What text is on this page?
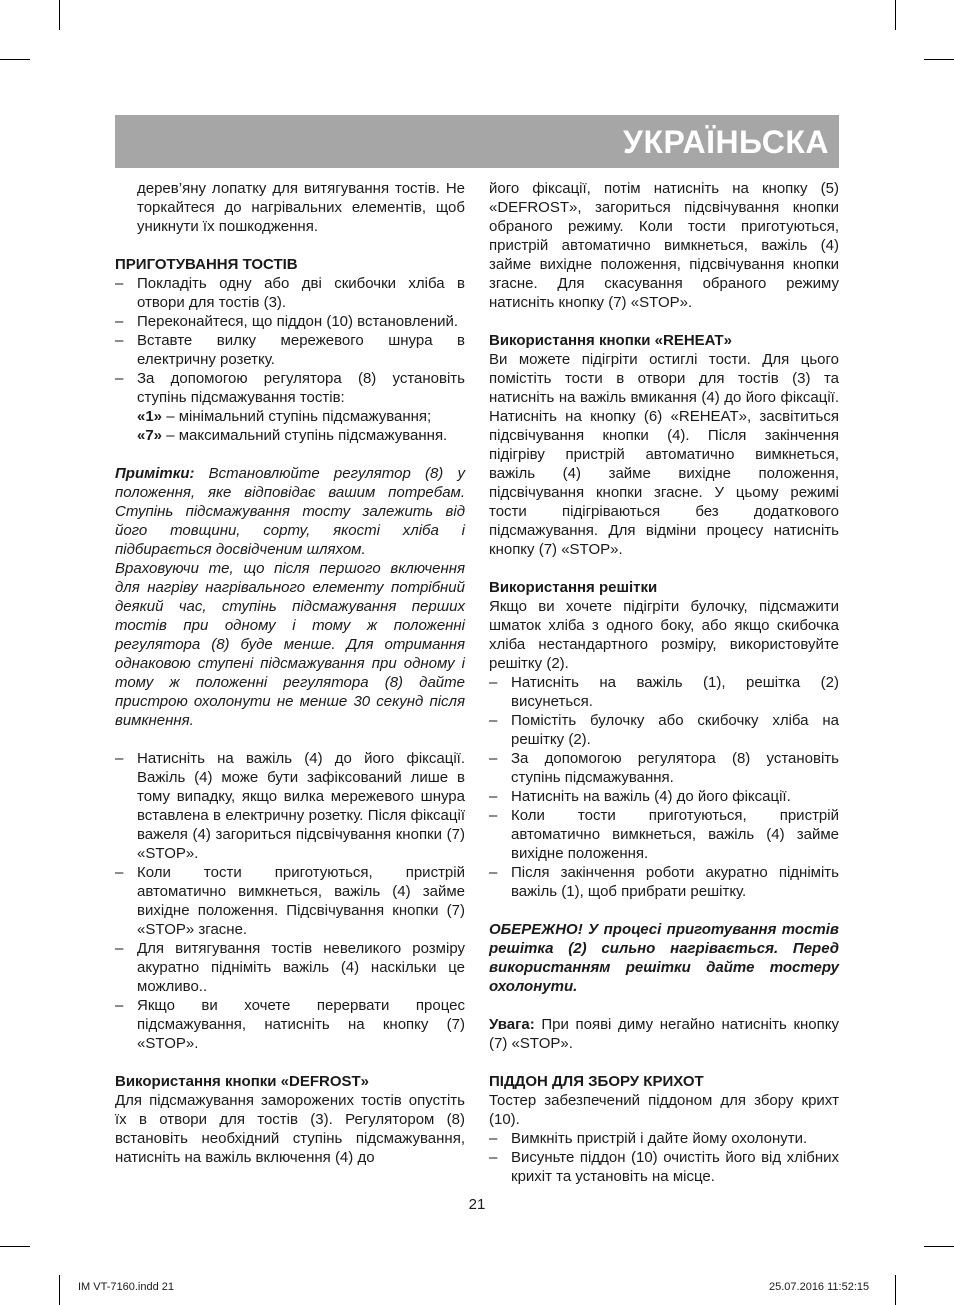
УКРАЇНЬСКА

дерев’яну лопатку для витягування тостів. Не торкайтеся до нагрівальних елементів, щоб уникнути їх пошкодження.

ПРИГОТУВАННЯ ТОСТІВ

– Покладіть одну або дві скибочки хліба в отвори для тостів (3).
– Переконайтеся, що піддон (10) встановлений.
– Вставте вилку мережевого шнура в електричну розетку.
– За допомогою регулятора (8) установіть ступінь підсмажування тостів:

«1» – мінімальний ступінь підсмажування;

«7» – максимальний ступінь підсмажування.

Примітки: Встановлюйте регулятор (8) у положення, яке відповідає вашим потребам. Ступінь підсмажування тосту залежить від його товщини, сорту, якості хліба і підбирається досвідченим шляхом.

Враховуючи те, що після першого включення для нагріву нагрівального елементу потрібний деякий час, ступінь підсмажування перших тостів при одному і тому ж положенні регулятора (8) буде менше. Для отримання однаковою ступені підсмажування при одному і тому ж положенні регулятора (8) дайте пристрою охолонути не менше 30 секунд після вимкнення.

– Натисніть на важіль (4) до його фіксації. Важіль (4) може бути зафіксований лише в тому випадку, якщо вилка мережевого шнура вставлена в електричну розетку. Після фіксації важеля (4) загориться підсвічування кнопки (7) «STOP».
– Коли тости приготуються, пристрій автоматично вимкнеться, важіль (4) займе вихідне положення. Підсвічування кнопки (7) «STOP» згасне.
– Для витягування тостів невеликого розміру акуратно підніміть важіль (4) наскільки це можливо..
– Якщо ви хочете перервати процес підсмажування, натисніть на кнопку (7) «STOP».

Використання кнопки «DEFROST»

Для підсмажування заморожених тостів опустіть їх в отвори для тостів (3). Регулятором (8) встановіть необхідний ступінь підсмажування, натисніть на важіль включення (4) до

його фіксації, потім натисніть на кнопку (5) «DEFROST», загориться підсвічування кнопки обраного режиму. Коли тости приготуються, пристрій автоматично вимкнеться, важіль (4) займе вихідне положення, підсвічування кнопки згасне. Для скасування обраного режиму натисніть кнопку (7) «STOP».

Використання кнопки «REHEAT»

Ви можете підігріти остиглі тости. Для цього помістіть тости в отвори для тостів (3) та натисніть на важіль вмикання (4) до його фіксації. Натисніть на кнопку (6) «REHEAT», засвітиться підсвічування кнопки (4). Після закінчення підігріву пристрій автоматично вимкнеться, важіль (4) займе вихідне положення, підсвічування кнопки згасне. У цьому режимі тости підігріваються без додаткового підсмажування. Для відміни процесу натисніть кнопку (7) «STOP».

Використання решітки

Якщо ви хочете підігріти булочку, підсмажити шматок хліба з одного боку, або якщо скибочка хліба нестандартного розміру, використовуйте решітку (2).

– Натисніть на важіль (1), решітка (2) висунеться.
– Помістіть булочку або скибочку хліба на решітку (2).
– За допомогою регулятора (8) установіть ступінь підсмажування.
– Натисніть на важіль (4) до його фіксації.
– Коли тости приготуються, пристрій автоматично вимкнеться, важіль (4) займе вихідне положення.
– Після закінчення роботи акуратно підніміть важіль (1), щоб прибрати решітку.

ОБЕРЕЖНО! У процесі приготування тостів решітка (2) сильно нагрівається. Перед використанням решітки дайте тостеру охолонути.

Увага: При появі диму негайно натисніть кнопку (7) «STOP».

ПІДДОН ДЛЯ ЗБОРУ КРИХОТ

Тостер забезпечений піддоном для збору крихт (10).

– Вимкніть пристрій і дайте йому охолонути.
– Висуньте піддон (10) очистіть його від хлібних крихіт та установіть на місце.
21
IM VT-7160.indd 21	25.07.2016 11:52:15
